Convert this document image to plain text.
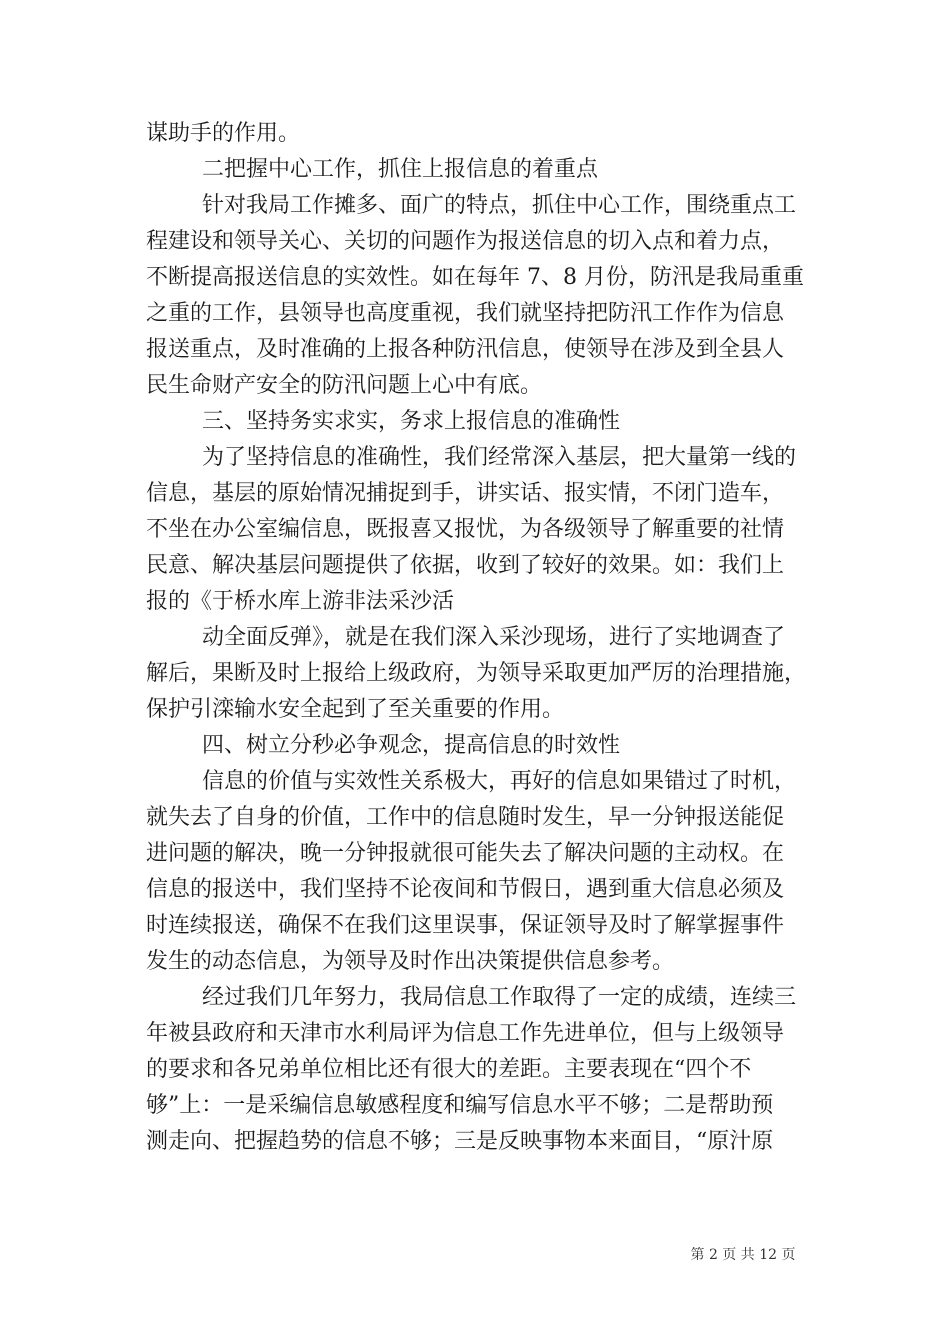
谋助手的作用。
二把握中心工作，抓住上报信息的着重点
针对我局工作摊多、面广的特点，抓住中心工作，围绕重点工
程建设和领导关心、关切的问题作为报送信息的切入点和着力点，
不断提高报送信息的实效性。如在每年 7、8 月份，防汛是我局重重
之重的工作，县领导也高度重视，我们就坚持把防汛工作作为信息
报送重点，及时准确的上报各种防汛信息，使领导在涉及到全县人
民生命财产安全的防汛问题上心中有底。
三、坚持务实求实，务求上报信息的准确性
为了坚持信息的准确性，我们经常深入基层，把大量第一线的
信息，基层的原始情况捕捉到手，讲实话、报实情，不闭门造车，
不坐在办公室编信息，既报喜又报忧，为各级领导了解重要的社情
民意、解决基层问题提供了依据，收到了较好的效果。如：我们上
报的《于桥水库上游非法采沙活
动全面反弹》，就是在我们深入采沙现场，进行了实地调查了
解后，果断及时上报给上级政府，为领导采取更加严厉的治理措施，
保护引滦输水安全起到了至关重要的作用。
四、树立分秒必争观念，提高信息的时效性
信息的价值与实效性关系极大，再好的信息如果错过了时机，
就失去了自身的价值，工作中的信息随时发生，早一分钟报送能促
进问题的解决，晚一分钟报就很可能失去了解决问题的主动权。在
信息的报送中，我们坚持不论夜间和节假日，遇到重大信息必须及
时连续报送，确保不在我们这里误事，保证领导及时了解掌握事件
发生的动态信息，为领导及时作出决策提供信息参考。
经过我们几年努力，我局信息工作取得了一定的成绩，连续三
年被县政府和天津市水利局评为信息工作先进单位，但与上级领导
的要求和各兄弟单位相比还有很大的差距。主要表现在“四个不
够”上：一是采编信息敏感程度和编写信息水平不够；二是帮助预
测走向、把握趋势的信息不够；三是反映事物本来面目，“原汁原
第 2 页 共 12 页
